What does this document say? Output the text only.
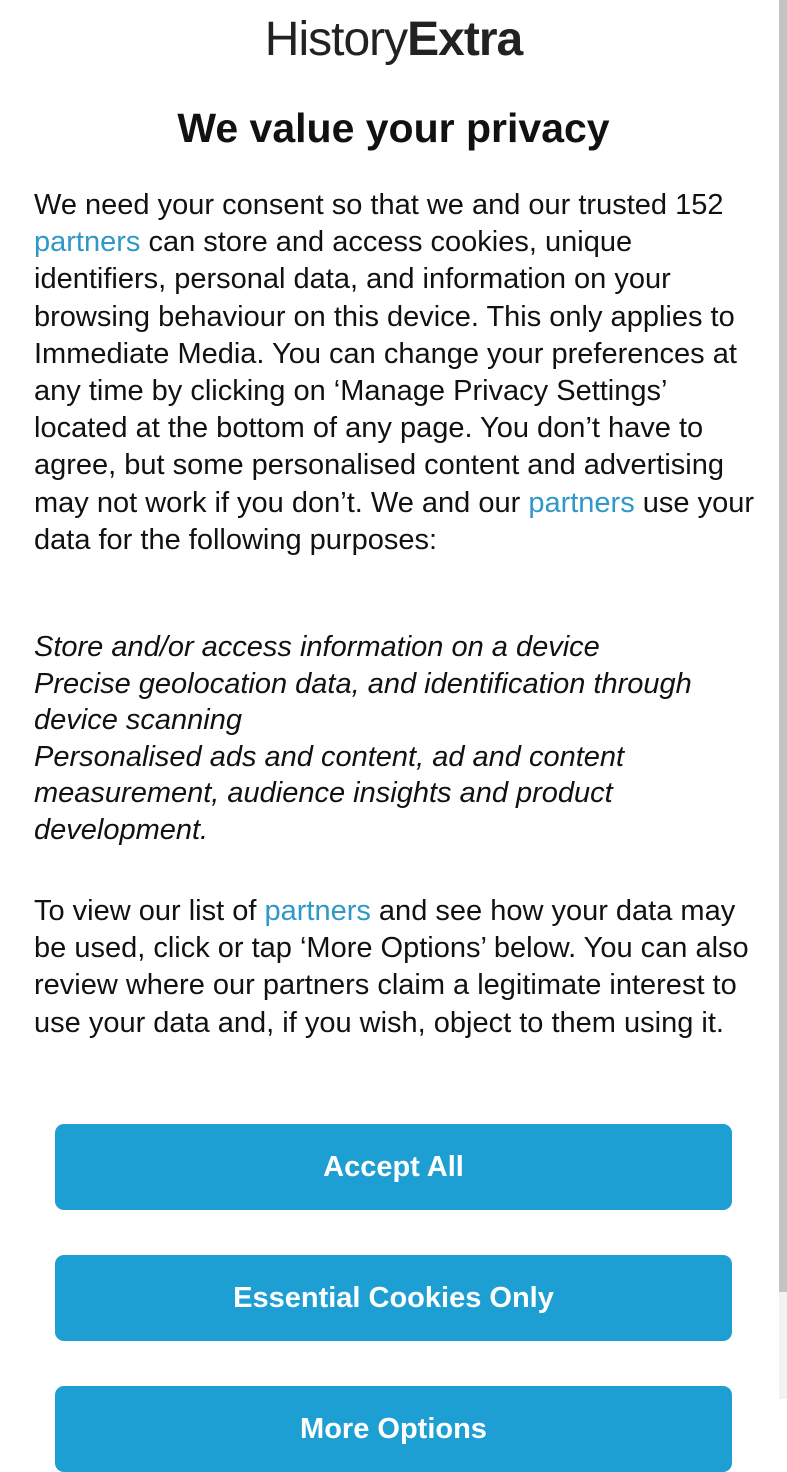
HistoryExtra
We value your privacy

We need your consent so that we and our trusted 152 partners can store and access cookies, unique identifiers, personal data, and information on your browsing behaviour on this device. This only applies to Immediate Media. You can change your preferences at any time by clicking on ‘Manage Privacy Settings’ located at the bottom of any page. You don’t have to agree, but some personalised content and advertising may not work if you don’t. We and our partners use your data for the following purposes:

Store and/or access information on a device
Precise geolocation data, and identification through device scanning
Personalised ads and content, ad and content measurement, audience insights and product development.

To view our list of partners and see how your data may be used, click or tap ‘More Options’ below. You can also review where our partners claim a legitimate interest to use your data and, if you wish, object to them using it.

Accept All
Essential Cookies Only
More Options
